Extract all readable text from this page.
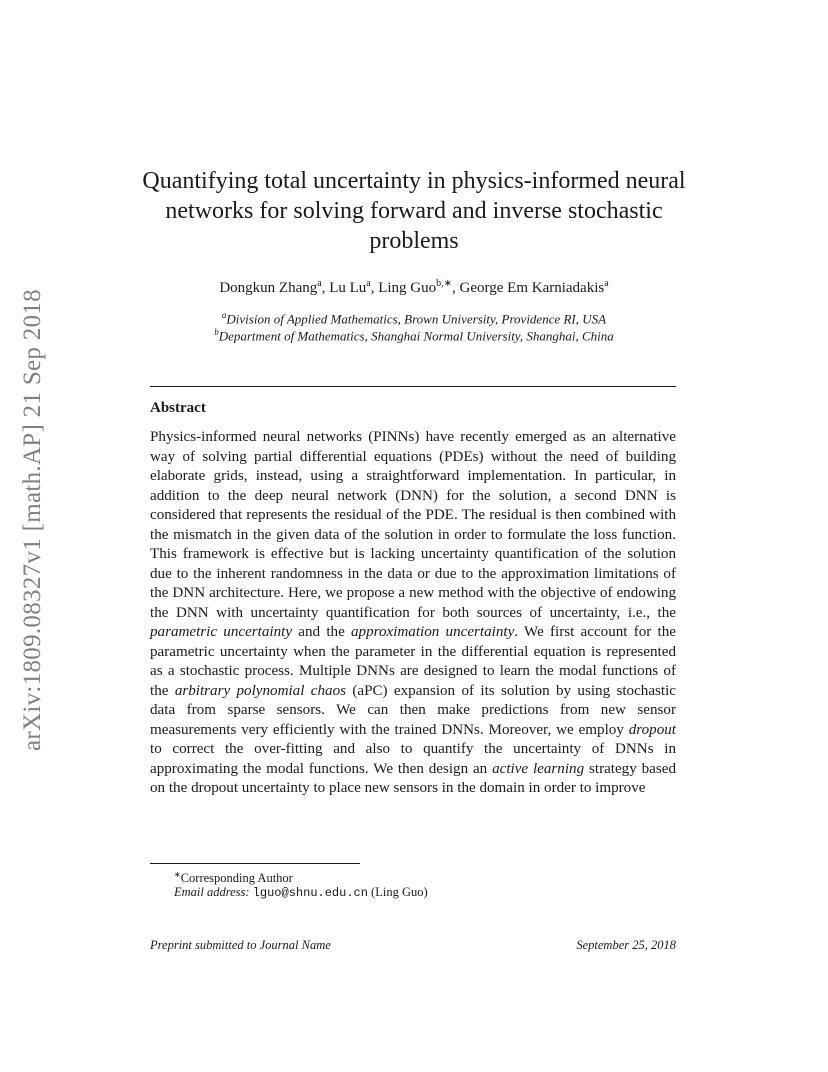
arXiv:1809.08327v1 [math.AP] 21 Sep 2018
Quantifying total uncertainty in physics-informed neural networks for solving forward and inverse stochastic problems
Dongkun Zhang$^a$, Lu Lu$^a$, Ling Guo$^{b,∗}$, George Em Karniadakis$^a$
$^a$Division of Applied Mathematics, Brown University, Providence RI, USA
$^b$Department of Mathematics, Shanghai Normal University, Shanghai, China
Abstract
Physics-informed neural networks (PINNs) have recently emerged as an alternative way of solving partial differential equations (PDEs) without the need of building elaborate grids, instead, using a straightforward implementation. In particular, in addition to the deep neural network (DNN) for the solution, a second DNN is considered that represents the residual of the PDE. The residual is then combined with the mismatch in the given data of the solution in order to formulate the loss function. This framework is effective but is lacking uncertainty quantification of the solution due to the inherent randomness in the data or due to the approximation limitations of the DNN architecture. Here, we propose a new method with the objective of endowing the DNN with uncertainty quantification for both sources of uncertainty, i.e., the parametric uncertainty and the approximation uncertainty. We first account for the parametric uncertainty when the parameter in the differential equation is represented as a stochastic process. Multiple DNNs are designed to learn the modal functions of the arbitrary polynomial chaos (aPC) expansion of its solution by using stochastic data from sparse sensors. We can then make predictions from new sensor measurements very efficiently with the trained DNNs. Moreover, we employ dropout to correct the over-fitting and also to quantify the uncertainty of DNNs in approximating the modal functions. We then design an active learning strategy based on the dropout uncertainty to place new sensors in the domain in order to improve
∗Corresponding Author
Email address: lguo@shnu.edu.cn (Ling Guo)
Preprint submitted to Journal Name	September 25, 2018
